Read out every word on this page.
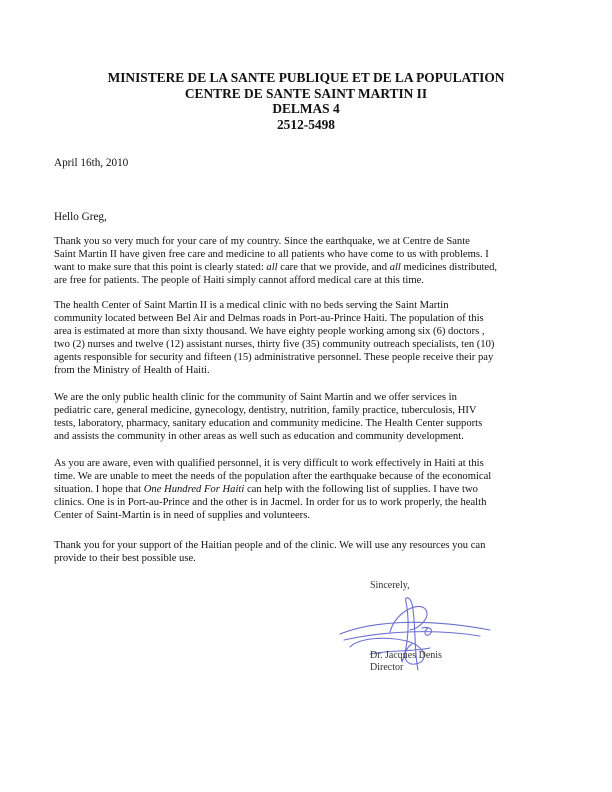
MINISTERE DE LA SANTE PUBLIQUE ET DE LA POPULATION
CENTRE DE SANTE SAINT MARTIN II
DELMAS 4
2512-5498
April 16th, 2010
Hello Greg,
Thank you so very much for your care of my country. Since the earthquake, we at Centre de Sante
Saint Martin II have given free care and medicine to all patients who have come to us with problems. I
want to make sure that this point is clearly stated: all care that we provide, and all medicines distributed,
are free for patients. The people of Haiti simply cannot afford medical care at this time.
The health Center of Saint Martin II is a medical clinic with no beds serving the Saint Martin
community located between Bel Air and Delmas roads in Port-au-Prince Haiti. The population of this
area is estimated at more than sixty thousand. We have eighty people working among six (6) doctors ,
two (2) nurses and twelve (12) assistant nurses, thirty five (35) community outreach specialists, ten (10)
agents responsible for security and fifteen (15) administrative personnel. These people receive their pay
from the Ministry of Health of Haiti.
We are the only public health clinic for the community of Saint Martin and we offer services in
pediatric care, general medicine, gynecology, dentistry, nutrition, family practice, tuberculosis, HIV
tests, laboratory, pharmacy, sanitary education and community medicine. The Health Center supports
and assists the community in other areas as well such as education and community development.
As you are aware, even with qualified personnel, it is very difficult to work effectively in Haiti at this
time. We are unable to meet the needs of the population after the earthquake because of the economical
situation. I hope that One Hundred For Haiti can help with the following list of supplies. I have two
clinics. One is in Port-au-Prince and the other is in Jacmel. In order for us to work properly, the health
Center of Saint-Martin is in need of supplies and volunteers.
Thank you for your support of the Haitian people and of the clinic. We will use any resources you can
provide to their best possible use.
Sincerely,
Dr. Jacques Denis
Director
